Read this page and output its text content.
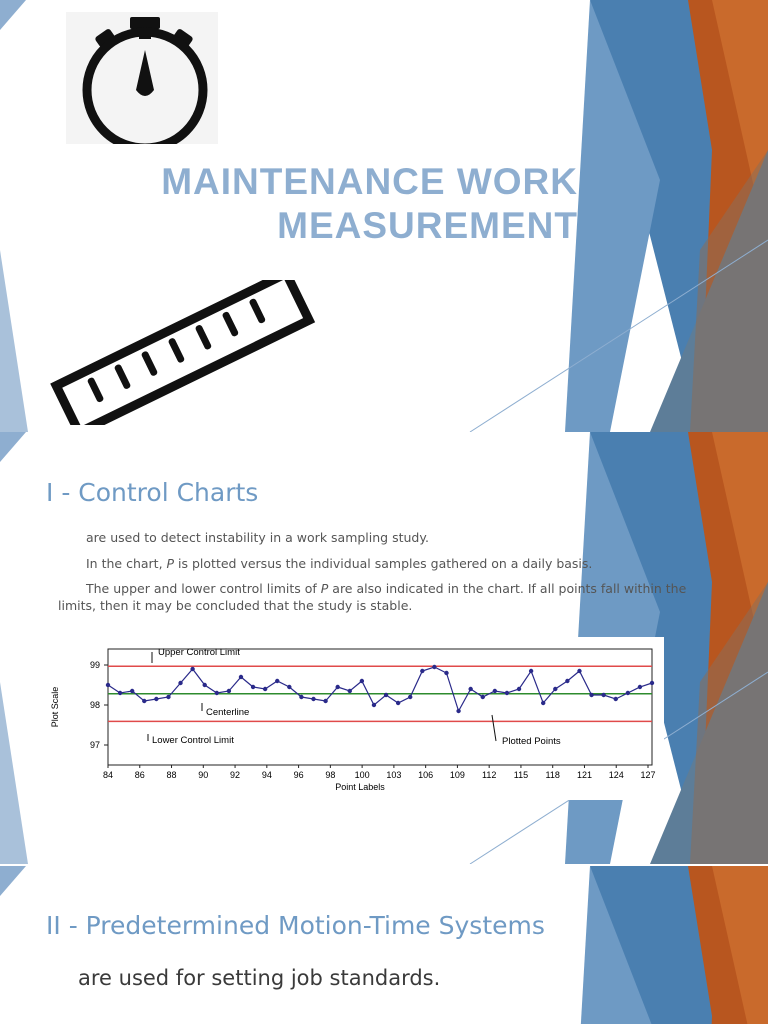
MAINTENANCE WORK
MEASUREMENT
I - Control Charts
are used to detect instability in a work sampling study.
In the chart, P is plotted versus the individual samples gathered on a daily basis.
The upper and lower control limits of P are also indicated in the chart. If all points fall within the limits, then it may be concluded that the study is stable.
97
98
99
Plot Scale
84 86 88 90 92 94 96 98 100 103 106 109 112 115 118 121 124 127
Point Labels
Upper Control Limit
Centerline
Lower Control Limit	Plotted Points
II - Predetermined Motion-Time Systems
are used for setting job standards.
